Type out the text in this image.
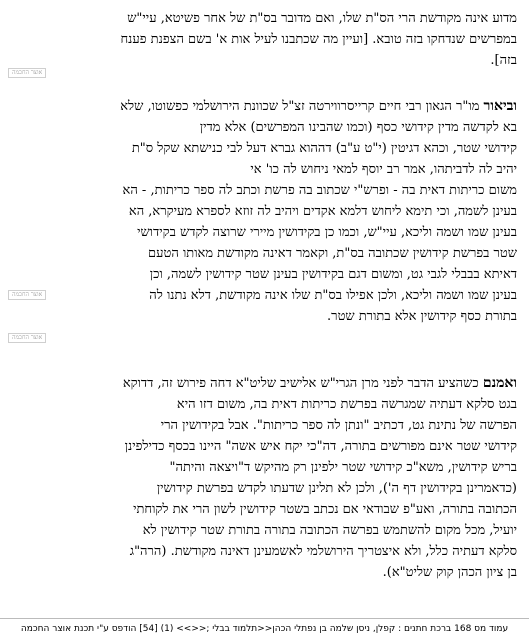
מדוע אינה מקודשת הרי הס"ת שלו, ואם מדובר בס"ת של אחר פשיטא, עיי"ש
במפרשים שנדחקו בזה טובא. [ועיין מה שכתבנו לעיל אות א' בשם הצפנת פענח
בזה].
וביאור מו"ר הגאון רבי חיים קרייסרווירטה זצ"ל שכוונת הירושלמי כפשוטו, שלא
בא לקדשה מדין קידושי כסף (וכמו שהבינו המפרשים) אלא מדין
קידושי שטר, וכהא דגיטין (י"ט ע"ב) דההוא גברא דעל לבי כנישתא שקל ס"ת
יהיב לה לדביתהו, אמר רב יוסף למאי ניחוש לה כו' אי
משום כריתות דאית בה - ופרש"י שכתוב בה פרשת וכתב לה ספר כריתות, - הא
בעינן לשמה, וכי תימא ליחוש דלמא אקדים ויהיב לה זוזא לספרא מעיקרא, הא
בעינן שמו ושמה וליכא, עיי"ש, וכמו כן בקידושין מיירי שרוצה לקדש בקידושי
שטר בפרשת קידושין שכתובה בס"ת, וקאמר דאינה מקודשת מאותו הטעם
דאיתא בבבלי לגבי גט, ומשום דגם בקידושין בעינן שטר קידושין לשמה, וכן
בעינן שמו ושמה וליכא, ולכן אפילו בס"ת שלו אינה מקודשת, דלא נתנו לה
בתורת כסף קידושין אלא בתורת שטר.
ואמנם כשהציע הדבר לפני מרן הגרי"ש אלישיב שליט"א דחה פירוש זה, דדוקא
בגט סלקא דעתיה שמגרשה בפרשת כריתות דאית בה, משום דזו היא
הפרשה של נתינת גט, דכתיב "ונתן לה ספר כריתות". אבל בקידושין הרי
קידושי שטר אינם מפורשים בתורה, דה"כי יקח איש אשה" היינו בכסף כדילפינן
בריש קידושין, משא"כ קידושי שטר ילפינן רק מהיקש ד"ויצאה והיתה"
(כדאמרינן בקידושין דף ה'), ולכן לא תלינן שדעתו לקדש בפרשת קידושין
הכתובה בתורה, ואע"פ שבודאי אם נכתב בשטר קידושין לשון הרי את לקוחתי
יועיל, מכל מקום להשתמש בפרשה הכתובה בתורה בתורת שטר קידושין לא
סלקא דעתיה כלל, ולא איצטריך הירושלמי לאשמעינן דאינה מקודשת. (הרה"ג
בן ציון הכהן קוק שליט"א).
אוצר החכמה
אוצר החכמה
אוצר החכמה
עמוד מס 168 ברכת חתנים : קפלן, ניסן שלמה בן נפתלי הכהן<<תלמוד בבלי ;<<>> (1) [54] הודפס ע"י תכנת אוצר החכמה
